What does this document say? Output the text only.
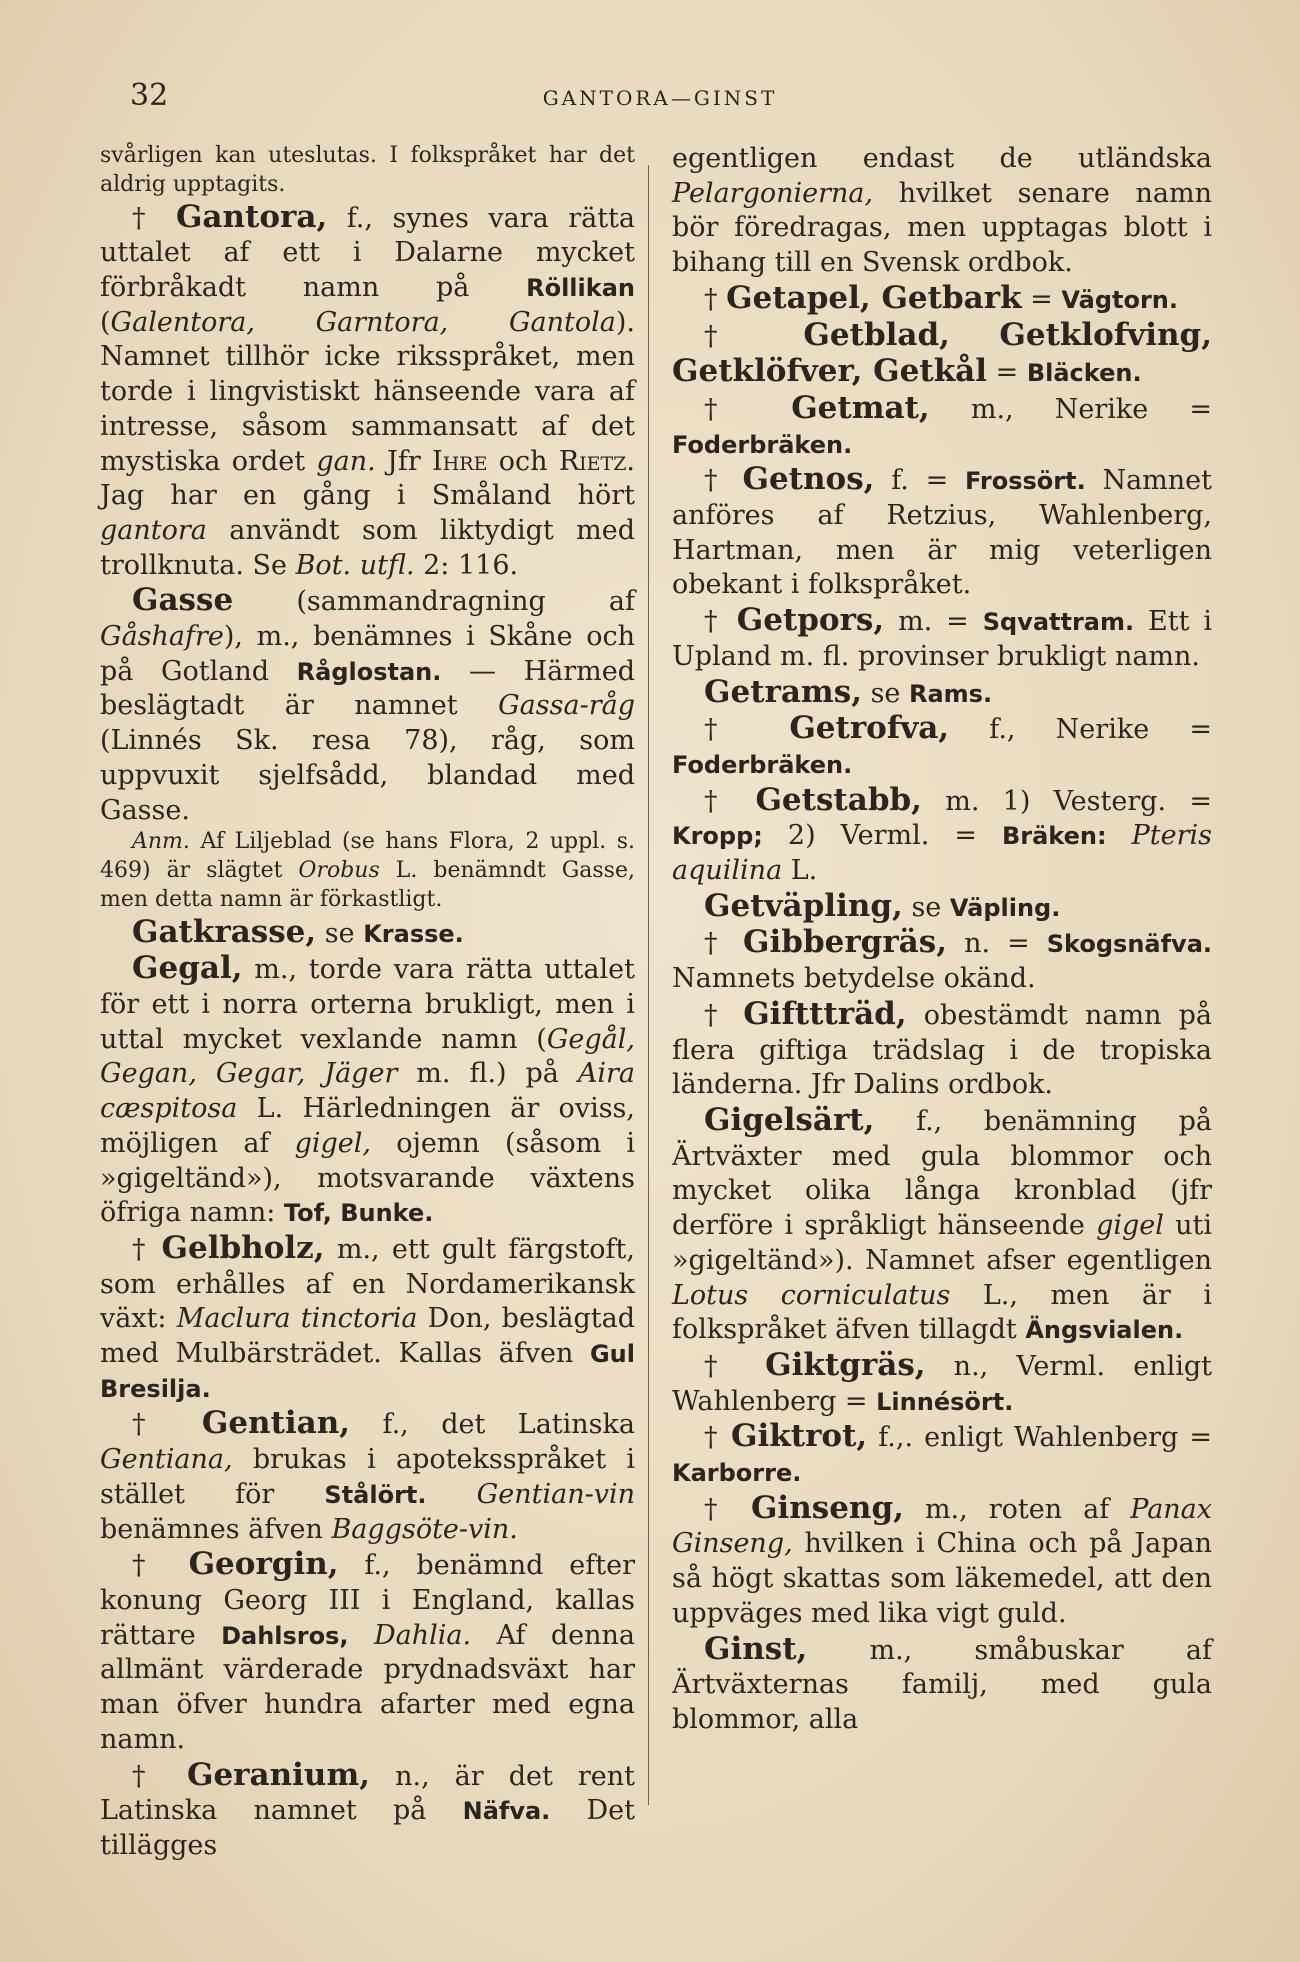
32	GANTORA—GINST

svårligen kan uteslutas. I folkspråket har det aldrig upptagits.

† Gantora, f., synes vara rätta uttalet af ett i Dalarne mycket förbråkadt namn på Röllikan (Galentora, Garntora, Gantola). Namnet tillhör icke riksspråket, men torde i lingvistiskt hänseende vara af intresse, såsom sammansatt af det mystiska ordet gan. Jfr Ihre och Rietz. Jag har en gång i Småland hört gantora användt som liktydigt med trollknuta. Se Bot. utfl. 2: 116.

Gasse (sammandragning af Gåshafre), m., benämnes i Skåne och på Gotland Råglostan. — Härmed beslägtadt är namnet Gassa-råg (Linnés Sk. resa 78), råg, som uppvuxit sjelfsådd, blandad med Gasse.

Anm. Af Liljeblad (se hans Flora, 2 uppl. s. 469) är slägtet Orobus L. benämndt Gasse, men detta namn är förkastligt.

Gatkrasse, se Krasse.

Gegal, m., torde vara rätta uttalet för ett i norra orterna brukligt, men i uttal mycket vexlande namn (Gegål, Gegan, Gegar, Jäger m. fl.) på Aira cæspitosa L. Härledningen är oviss, möjligen af gigel, ojemn (såsom i »gigeltänd»), motsvarande växtens öfriga namn: Tof, Bunke.

† Gelbholz, m., ett gult färgstoft, som erhålles af en Nordamerikansk växt: Maclura tinctoria Don, beslägtad med Mulbärsträdet. Kallas äfven Gul Bresilja.

† Gentian, f., det Latinska Gentiana, brukas i apoteksspråket i stället för Stålört. Gentian-vin benämnes äfven Baggsöte-vin.

† Georgin, f., benämnd efter konung Georg III i England, kallas rättare Dahlsros, Dahlia. Af denna allmänt värderade prydnadsväxt har man öfver hundra afarter med egna namn.

† Geranium, n., är det rent Latinska namnet på Näfva. Det tillägges

egentligen endast de utländska Pelargonierna, hvilket senare namn bör föredragas, men upptagas blott i bihang till en Svensk ordbok.

† Getapel, Getbark = Vägtorn.

† Getblad, Getklofving, Getklöfver, Getkål = Bläcken.

† Getmat, m., Nerike = Foderbräken.

† Getnos, f. = Frossört. Namnet anföres af Retzius, Wahlenberg, Hartman, men är mig veterligen obekant i folkspråket.

† Getpors, m. = Sqvattram. Ett i Upland m. fl. provinser brukligt namn.

Getrams, se Rams.

† Getrofva, f., Nerike = Foderbräken.

† Getstabb, m. 1) Vesterg. = Kropp; 2) Verml. = Bräken: Pteris aquilina L.

Getväpling, se Väpling.

† Gibbergräs, n. = Skogsnäfva. Namnets betydelse okänd.

† Gifttträd, obestämdt namn på flera giftiga trädslag i de tropiska länderna. Jfr Dalins ordbok.

Gigelsärt, f., benämning på Ärtväxter med gula blommor och mycket olika långa kronblad (jfr derföre i språkligt hänseende gigel uti »gigeltänd»). Namnet afser egentligen Lotus corniculatus L., men är i folkspråket äfven tillagdt Ängsvialen.

† Giktgräs, n., Verml. enligt Wahlenberg = Linnésört.

† Giktrot, f.,. enligt Wahlenberg = Karborre.

† Ginseng, m., roten af Panax Ginseng, hvilken i China och på Japan så högt skattas som läkemedel, att den uppväges med lika vigt guld.

Ginst, m., småbuskar af Ärtväxternas familj, med gula blommor, alla
